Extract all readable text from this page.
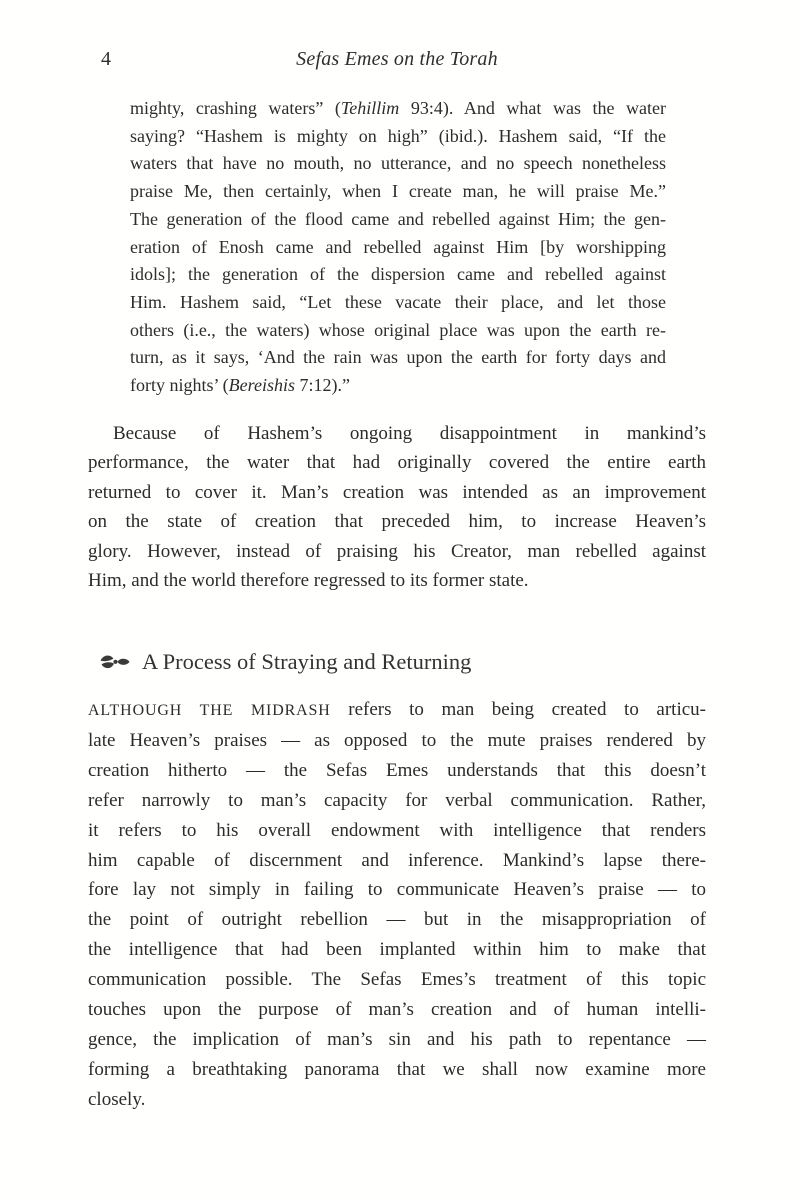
4	Sefas Emes on the Torah
mighty, crashing waters” (Tehillim 93:4). And what was the water
saying? “Hashem is mighty on high” (ibid.). Hashem said, “If the
waters that have no mouth, no utterance, and no speech nonetheless
praise Me, then certainly, when I create man, he will praise Me.”
The generation of the flood came and rebelled against Him; the gen-
eration of Enosh came and rebelled against Him [by worshipping
idols]; the generation of the dispersion came and rebelled against
Him. Hashem said, “Let these vacate their place, and let those
others (i.e., the waters) whose original place was upon the earth re-
turn, as it says, ‘And the rain was upon the earth for forty days and
forty nights’ (Bereishis 7:12).”
Because of Hashem’s ongoing disappointment in mankind’s
performance, the water that had originally covered the entire earth
returned to cover it. Man’s creation was intended as an improvement
on the state of creation that preceded him, to increase Heaven’s
glory. However, instead of praising his Creator, man rebelled against
Him, and the world therefore regressed to its former state.
A Process of Straying and Returning
ALTHOUGH THE MIDRASH refers to man being created to articu-
late Heaven’s praises — as opposed to the mute praises rendered by
creation hitherto — the Sefas Emes understands that this doesn’t
refer narrowly to man’s capacity for verbal communication. Rather,
it refers to his overall endowment with intelligence that renders
him capable of discernment and inference. Mankind’s lapse there-
fore lay not simply in failing to communicate Heaven’s praise — to
the point of outright rebellion — but in the misappropriation of
the intelligence that had been implanted within him to make that
communication possible. The Sefas Emes’s treatment of this topic
touches upon the purpose of man’s creation and of human intelli-
gence, the implication of man’s sin and his path to repentance —
forming a breathtaking panorama that we shall now examine more
closely.
